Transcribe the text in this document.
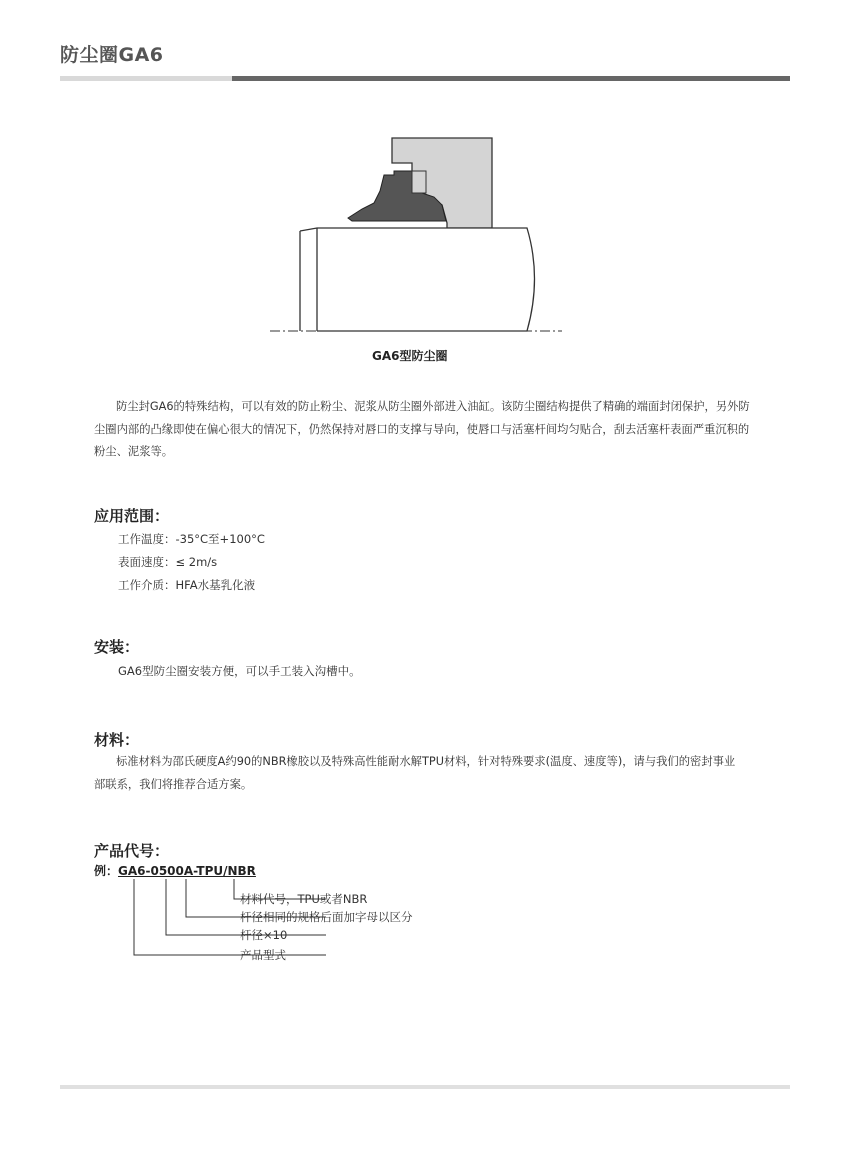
防尘圈GA6
GA6型防尘圈

防尘封GA6的特殊结构，可以有效的防止粉尘、泥浆从防尘圈外部进入油缸。该防尘圈结构提供了精确的端面封闭保护，另外防尘圈内部的凸缘即使在偏心很大的情况下，仍然保持对唇口的支撑与导向，使唇口与活塞杆间均匀贴合，刮去活塞杆表面严重沉积的粉尘、泥浆等。

应用范围：
工作温度：-35°C至+100°C
表面速度：≤ 2m/s
工作介质：HFA水基乳化液
安装：
GA6型防尘圈安装方便，可以手工装入沟槽中。
材料：

标准材料为邵氏硬度A约90的NBR橡胶以及特殊高性能耐水解TPU材料，针对特殊要求(温度、速度等)，请与我们的密封事业部联系，我们将推荐合适方案。

产品代号：
例：GA6-0500A-TPU/NBR
材料代号，TPU或者NBR
杆径相同的规格后面加字母以区分
杆径×10
产品型式
